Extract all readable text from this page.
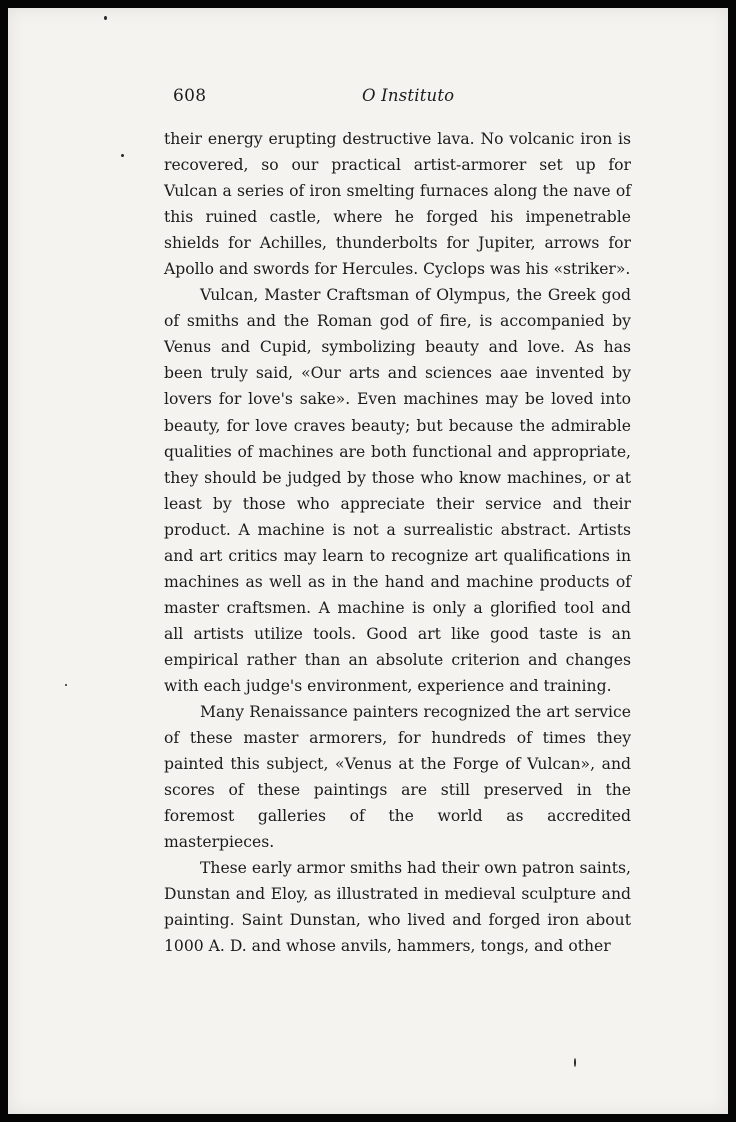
608	O Instituto

their energy erupting destructive lava. No volcanic iron is recovered, so our practical artist-armorer set up for Vulcan a series of iron smelting furnaces along the nave of this ruined castle, where he forged his impenetrable shields for Achilles, thunderbolts for Jupiter, arrows for Apollo and swords for Hercules. Cyclops was his «striker».

Vulcan, Master Craftsman of Olympus, the Greek god of smiths and the Roman god of fire, is accompanied by Venus and Cupid, symbolizing beauty and love. As has been truly said, «Our arts and sciences aae invented by lovers for love's sake». Even machines may be loved into beauty, for love craves beauty; but because the admirable qualities of machines are both functional and appropriate, they should be judged by those who know machines, or at least by those who appreciate their service and their product. A machine is not a surrealistic abstract. Artists and art critics may learn to recognize art qualifications in machines as well as in the hand and machine products of master craftsmen. A machine is only a glorified tool and all artists utilize tools. Good art like good taste is an empirical rather than an absolute criterion and changes with each judge's environment, experience and training.

Many Renaissance painters recognized the art service of these master armorers, for hundreds of times they painted this subject, «Venus at the Forge of Vulcan», and scores of these paintings are still preserved in the foremost galleries of the world as accredited masterpieces.

These early armor smiths had their own patron saints, Dunstan and Eloy, as illustrated in medieval sculpture and painting. Saint Dunstan, who lived and forged iron about 1000 A. D. and whose anvils, hammers, tongs, and other
